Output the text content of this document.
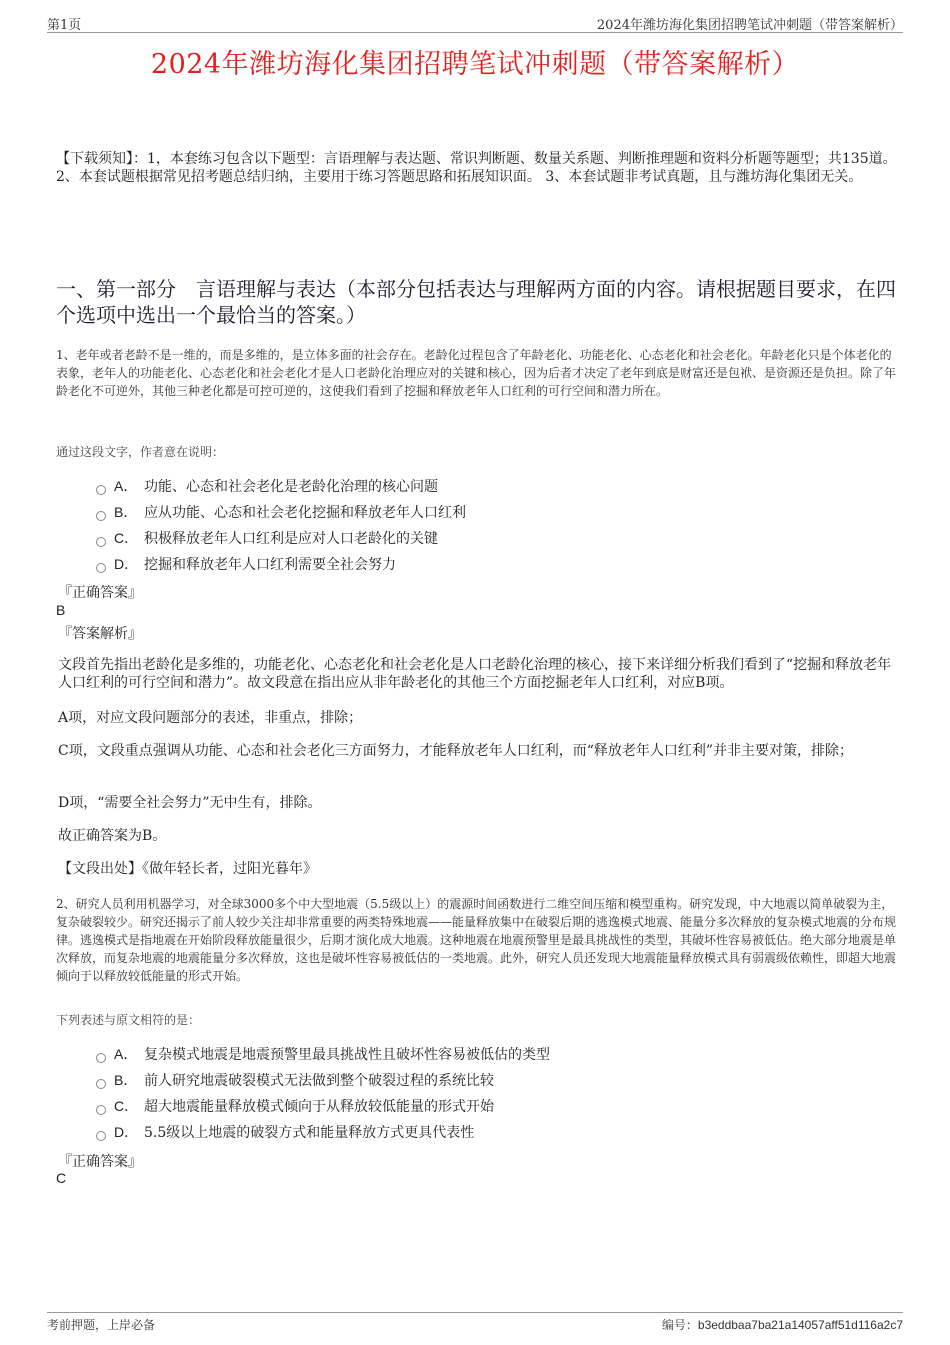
第1页	2024年潍坊海化集团招聘笔试冲刺题（带答案解析）
2024年潍坊海化集团招聘笔试冲刺题（带答案解析）
【下载须知】：1，本套练习包含以下题型：言语理解与表达题、常识判断题、数量关系题、判断推理题和资料分析题等题型；共135道。 2、本套试题根据常见招考题总结归纳，主要用于练习答题思路和拓展知识面。 3、本套试题非考试真题，且与潍坊海化集团无关。
一、第一部分　言语理解与表达（本部分包括表达与理解两方面的内容。请根据题目要求，在四个选项中选出一个最恰当的答案。）
1、老年或者老龄不是一维的，而是多维的，是立体多面的社会存在。老龄化过程包含了年龄老化、功能老化、心态老化和社会老化。年龄老化只是个体老化的表象，老年人的功能老化、心态老化和社会老化才是人口老龄化治理应对的关键和核心，因为后者才决定了老年到底是财富还是包袱、是资源还是负担。除了年龄老化不可逆外，其他三种老化都是可控可逆的，这使我们看到了挖掘和释放老年人口红利的可行空间和潜力所在。
通过这段文字，作者意在说明：
A． 功能、心态和社会老化是老龄化治理的核心问题
B． 应从功能、心态和社会老化挖掘和释放老年人口红利
C． 积极释放老年人口红利是应对人口老龄化的关键
D． 挖掘和释放老年人口红利需要全社会努力
『正确答案』
B
『答案解析』
文段首先指出老龄化是多维的，功能老化、心态老化和社会老化是人口老龄化治理的核心，接下来详细分析我们看到了“挖掘和释放老年人口红利的可行空间和潜力”。故文段意在指出应从非年龄老化的其他三个方面挖掘老年人口红利，对应B项。
A项，对应文段问题部分的表述，非重点，排除；
C项，文段重点强调从功能、心态和社会老化三方面努力，才能释放老年人口红利，而“释放老年人口红利”并非主要对策，排除；
D项，“需要全社会努力”无中生有，排除。
故正确答案为B。
【文段出处】《做年轻长者，过阳光暮年》
2、研究人员利用机器学习，对全球3000多个中大型地震（5.5级以上）的震源时间函数进行二维空间压缩和模型重构。研究发现，中大地震以简单破裂为主，复杂破裂较少。研究还揭示了前人较少关注却非常重要的两类特殊地震——能量释放集中在破裂后期的逃逸模式地震、能量分多次释放的复杂模式地震的分布规律。逃逸模式是指地震在开始阶段释放能量很少，后期才演化成大地震。这种地震在地震预警里是最具挑战性的类型，其破坏性容易被低估。绝大部分地震是单次释放，而复杂地震的地震能量分多次释放，这也是破坏性容易被低估的一类地震。此外，研究人员还发现大地震能量释放模式具有弱震级依赖性，即超大地震倾向于以释放较低能量的形式开始。
下列表述与原文相符的是：
A． 复杂模式地震是地震预警里最具挑战性且破坏性容易被低估的类型
B． 前人研究地震破裂模式无法做到整个破裂过程的系统比较
C． 超大地震能量释放模式倾向于从释放较低能量的形式开始
D． 5.5级以上地震的破裂方式和能量释放方式更具代表性
『正确答案』
C
考前押题，上岸必备	编号：b3eddbaa7ba21a14057aff51d116a2c7
